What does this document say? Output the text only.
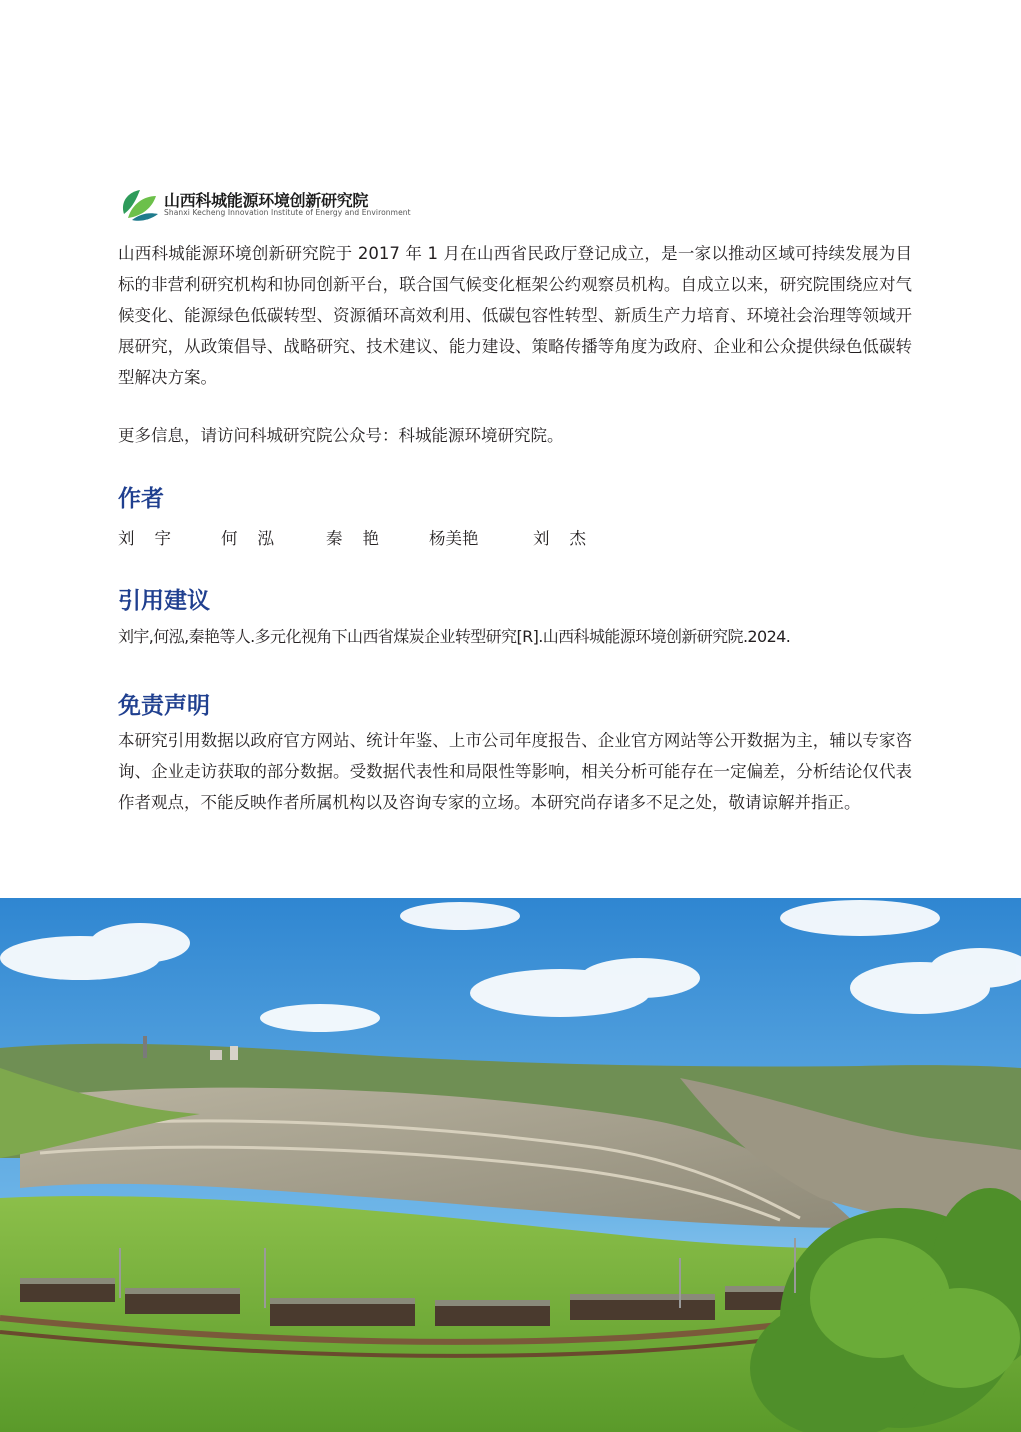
山西科城能源环境创新研究院
Shanxi Kecheng Innovation Institute of Energy and Environment

山西科城能源环境创新研究院于 2017 年 1 月在山西省民政厅登记成立，是一家以推动区域可持续发展为目标的非营利研究机构和协同创新平台，联合国气候变化框架公约观察员机构。自成立以来，研究院围绕应对气候变化、能源绿色低碳转型、资源循环高效利用、低碳包容性转型、新质生产力培育、环境社会治理等领域开展研究，从政策倡导、战略研究、技术建议、能力建设、策略传播等角度为政府、企业和公众提供绿色低碳转型解决方案。

更多信息，请访问科城研究院公众号：科城能源环境研究院。

作者
刘宇 何泓 秦艳 杨美艳	刘杰
引用建议

刘宇,何泓,秦艳等人.多元化视角下山西省煤炭企业转型研究[R].山西科城能源环境创新研究院.2024.

免责声明

本研究引用数据以政府官方网站、统计年鉴、上市公司年度报告、企业官方网站等公开数据为主，辅以专家咨询、企业走访获取的部分数据。受数据代表性和局限性等影响，相关分析可能存在一定偏差，分析结论仅代表作者观点，不能反映作者所属机构以及咨询专家的立场。本研究尚存诸多不足之处，敬请谅解并指正。
